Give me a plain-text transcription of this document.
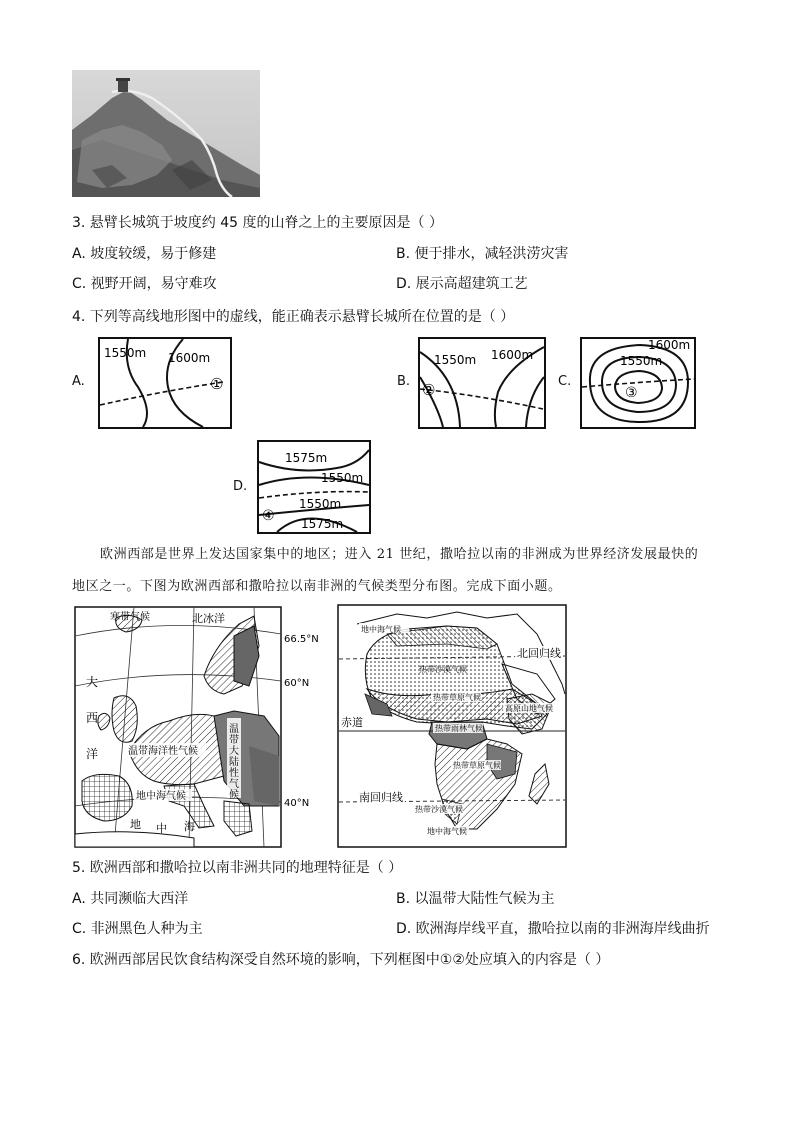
3. 悬臂长城筑于坡度约 45 度的山脊之上的主要原因是（ ）
A. 坡度较缓，易于修建	B. 便于排水，减轻洪涝灾害
C. 视野开阔，易守难攻	D. 展示高超建筑工艺
4. 下列等高线地形图中的虚线，能正确表示悬臂长城所在位置的是（ ）
A.
1550m 1600m
①	B.
1550m 1600m
②	C.
1600m
1550m
③
D.
1575m
1550m
1550m
1575m
④
欧洲西部是世界上发达国家集中的地区；进入 21 世纪，撒哈拉以南的非洲成为世界经济发展最快的
地区之一。下图为欧洲西部和撒哈拉以南非洲的气候类型分布图。完成下面小题。
寒带气候	北冰洋
66.5°N
60°N
40°N
大
西
洋	温带海洋性气候
温带大陆性气候
地中海气候
地 中 海
地中海气候
北回归线
热带沙漠气候
热带草原气候
高原山地气候
赤道	热带雨林气候
热带草原气候
南回归线
热带沙漠气候
地中海气候
5. 欧洲西部和撒哈拉以南非洲共同的地理特征是（ ）
A. 共同濒临大西洋	B. 以温带大陆性气候为主
C. 非洲黑色人种为主	D. 欧洲海岸线平直，撒哈拉以南的非洲海岸线曲折
6. 欧洲西部居民饮食结构深受自然环境的影响，下列框图中①②处应填入的内容是（ ）
